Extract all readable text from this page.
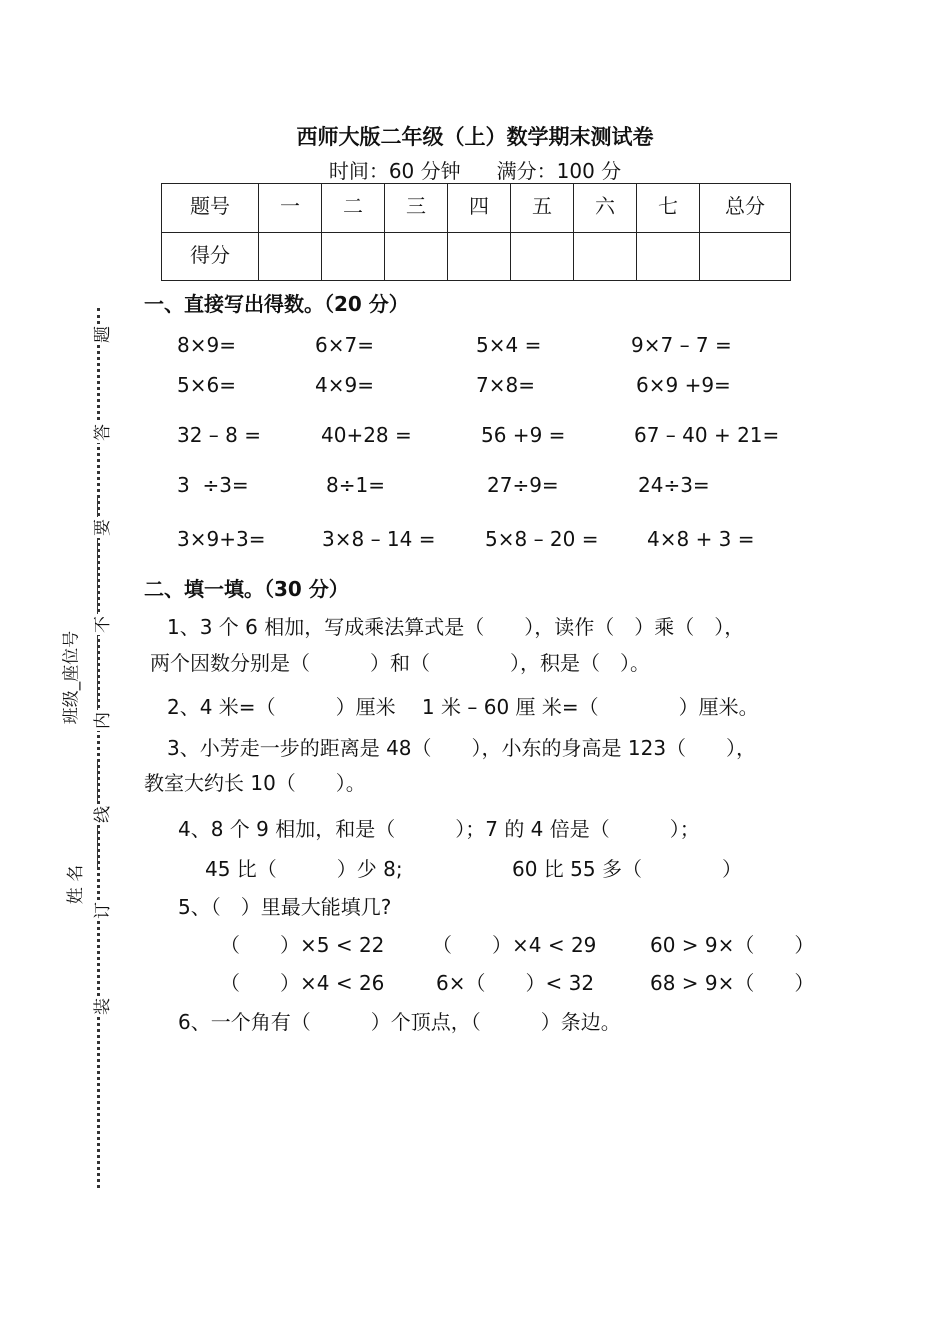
题
答
要
不
内
线
订
装
班级_座位号
姓 名
西师大版二年级（上）数学期末测试卷
时间：60 分钟 满分：100 分
题号	一	二	三	四	五	六	七	总分
得分								
一、直接写出得数。（20 分）
8×9=	6×7=	5×4 =	9×7 – 7 =
5×6=	4×9=	7×8=	6×9 +9=
32 – 8 =	40+28 =	56 +9 =	67 – 40 + 21=
3  ÷3=	8÷1=	27÷9=	24÷3=
3×9+3=	3×8 – 14 = 5×8 – 20 = 4×8 + 3 =
二、填一填。（30 分）
1、3 个 6 相加，写成乘法算式是（　　），读作（　）乘（　），
两个因数分别是（　　　）和（　　　　），积是（　）。
2、4 米=（　　　）厘米　 1 米 – 60 厘 米=（　　　　）厘米。
3、小芳走一步的距离是 48（　　），小东的身高是 123（　　），
教室大约长 10（　　）。
4、8 个 9 相加，和是（　　　）；7 的 4 倍是（　　　）；
45 比（　　　）少 8;	60 比 55 多（　　　　）
5、（　）里最大能填几?
（　　）×5 < 22 （　　）×4 < 29	60 > 9×（　　）
（　　）×4 < 26	6×（　　）< 32	68 > 9×（　　）
6、一个角有（　　　）个顶点，（　　　）条边。
